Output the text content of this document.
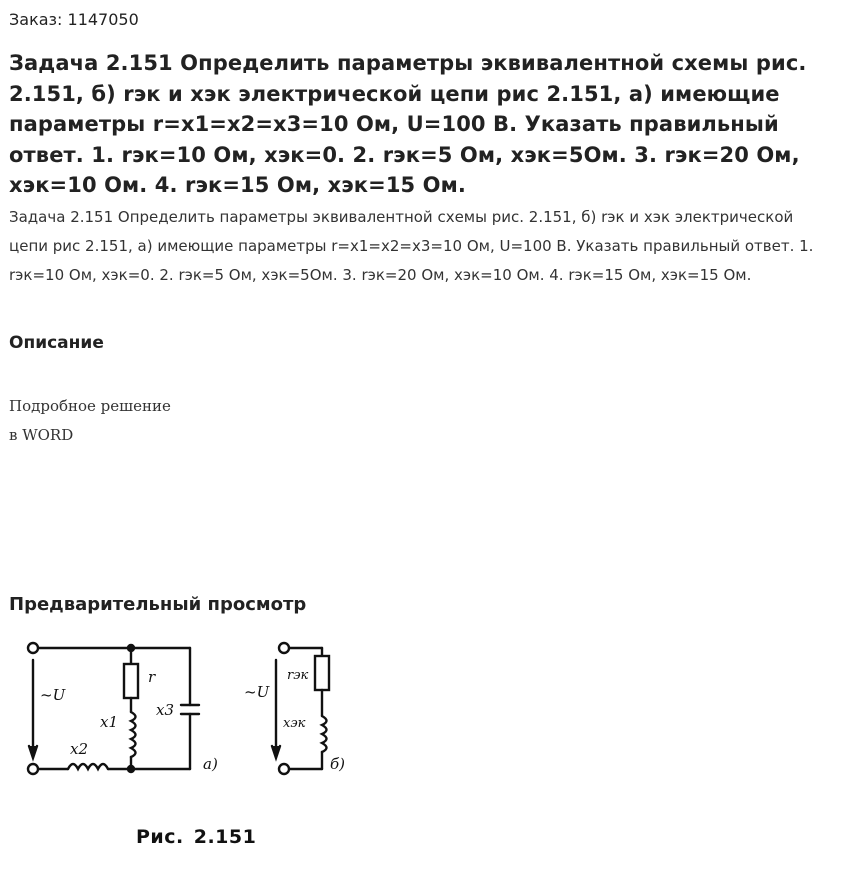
Заказ: 1147050
Задача 2.151 Определить параметры эквивалентной схемы рис. 2.151, б) rэк и xэк электрической цепи рис 2.151, а) имеющие параметры r=x1=x2=x3=10 Ом, U=100 В. Указать правильный ответ. 1. rэк=10 Ом, xэк=0. 2. rэк=5 Ом, xэк=5Ом. 3. rэк=20 Ом, xэк=10 Ом. 4. rэк=15 Ом, xэк=15 Ом.

Задача 2.151 Определить параметры эквивалентной схемы рис. 2.151, б) rэк и xэк электрической цепи рис 2.151, а) имеющие параметры r=x1=x2=x3=10 Ом, U=100 В. Указать правильный ответ. 1. rэк=10 Ом, xэк=0. 2. rэк=5 Ом, xэк=5Ом. 3. rэк=20 Ом, xэк=10 Ом. 4. rэк=15 Ом, xэк=15 Ом.

Описание
Подробное решение
в WORD
Предварительный просмотр
~U
r
x1
x3
x2
а)
~U
rэк
xэк
б)
Рис. 2.151
